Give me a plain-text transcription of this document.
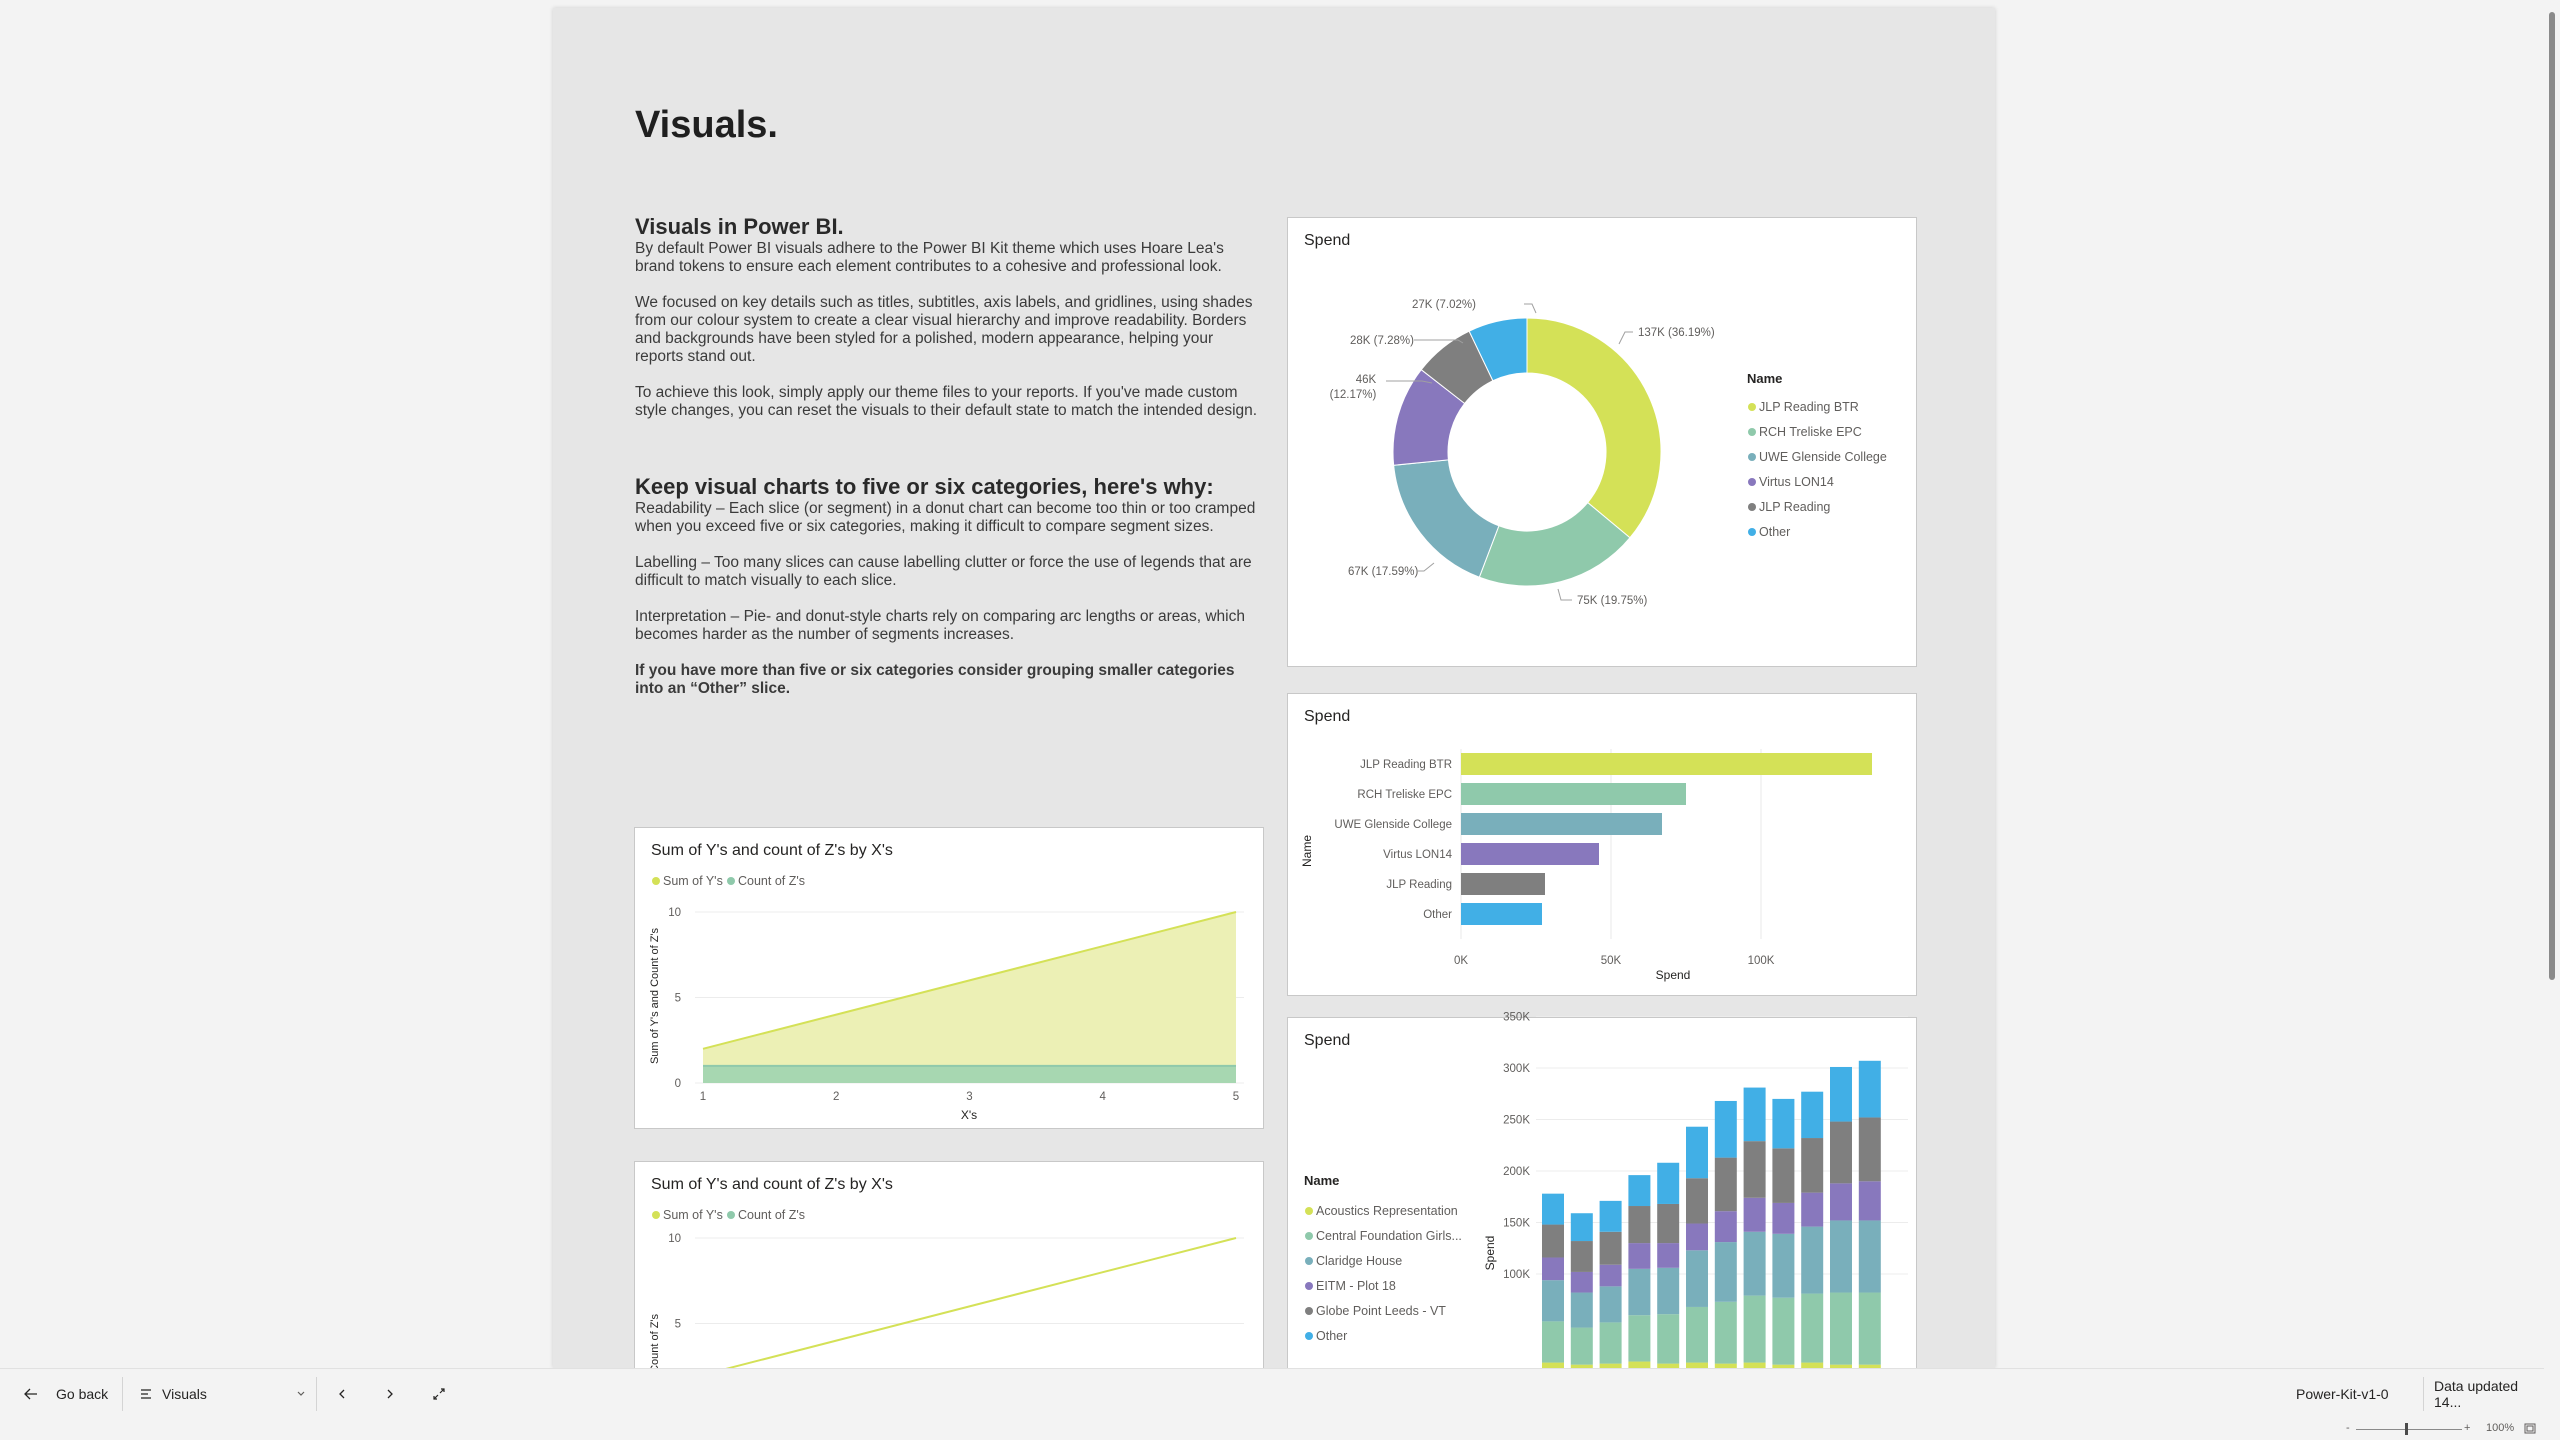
Visuals.
Visuals in Power BI.

By default Power BI visuals adhere to the Power BI Kit theme which uses Hoare Lea's brand tokens to ensure each element contributes to a cohesive and professional look.

We focused on key details such as titles, subtitles, axis labels, and gridlines, using shades from our colour system to create a clear visual hierarchy and improve readability. Borders and backgrounds have been styled for a polished, modern appearance, helping your reports stand out.

To achieve this look, simply apply our theme files to your reports. If you've made custom style changes, you can reset the visuals to their default state to match the intended design.

Keep visual charts to five or six categories, here's why:

Readability – Each slice (or segment) in a donut chart can become too thin or too cramped when you exceed five or six categories, making it difficult to compare segment sizes.

Labelling – Too many slices can cause labelling clutter or force the use of legends that are difficult to match visually to each slice.

Interpretation – Pie- and donut-style charts rely on comparing arc lengths or areas, which becomes harder as the number of segments increases.

If you have more than five or six categories consider grouping smaller categories into an “Other” slice.

Spend
137K (36.19%)
75K (19.75%)
67K (17.59%)
46K
(12.17%)
28K (7.28%)
27K (7.02%)
JLP Reading BTR
RCH Treliske EPC
UWE Glenside College
Virtus LON14
JLP Reading
Other
Name
Spend
JLP Reading BTR
RCH Treliske EPC
UWE Glenside College
Virtus LON14
JLP Reading
Other
0K	50K	100K
Spend
Name
Sum of Y's and count of Z's by X's
Sum of Y's Count of Z's
0
5
10
1	2	3	4	5
X's
Sum of Y's and Count of Z's
Sum of Y's and count of Z's by X's
Sum of Y's Count of Z's
5
10
Spend
Name
Acoustics Representation
Central Foundation Girls...
Claridge House
EITM - Plot 18
Globe Point Leeds - VT
Other
100K
150K
200K
250K
300K
350K
Spend
Go back	Visuals	Power-Kit-v1-0	Data updated 14...
-	+ 100%
